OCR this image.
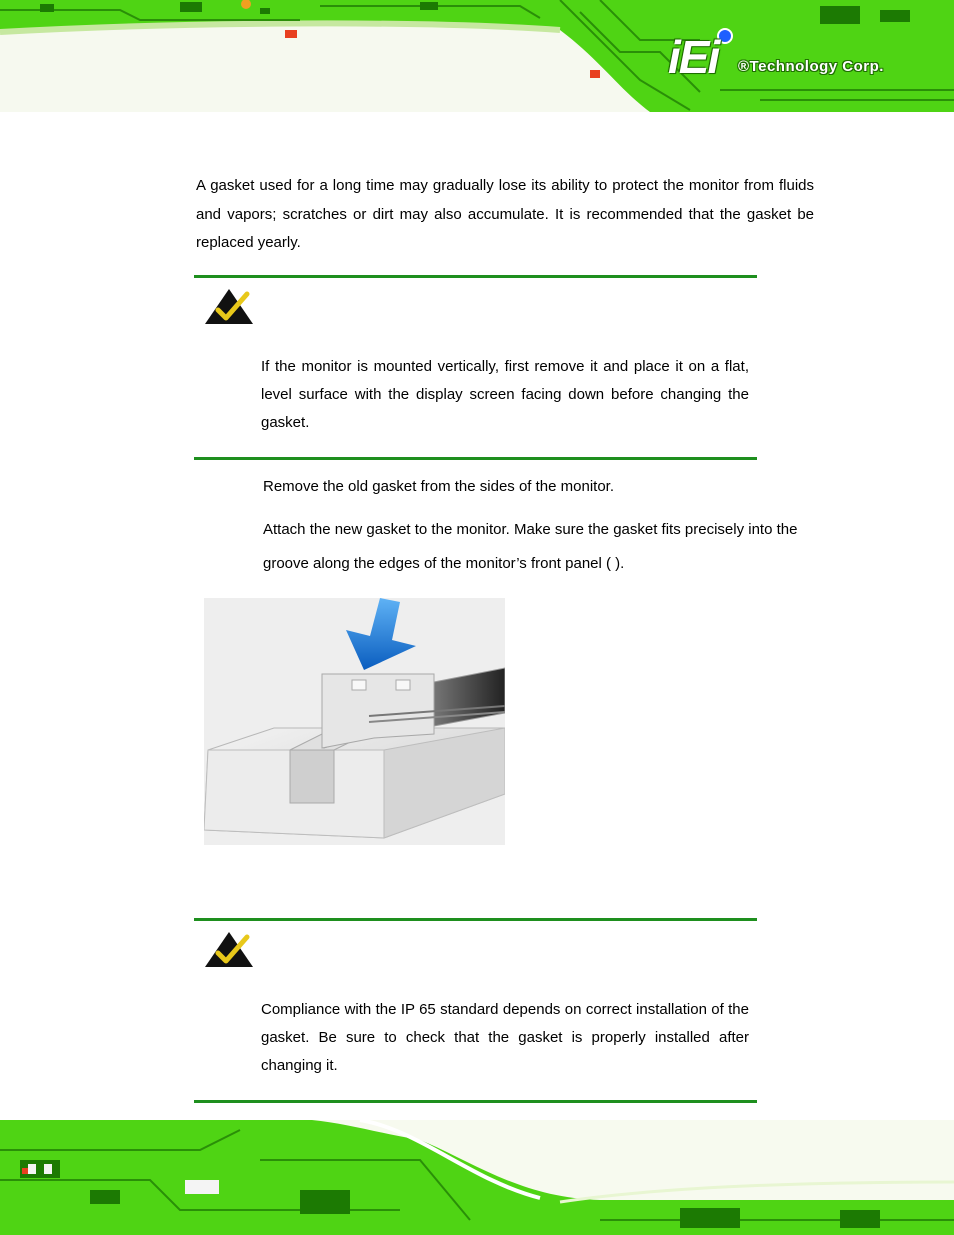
iEi ®Technology Corp.
A gasket used for a long time may gradually lose its ability to protect the monitor from fluids and vapors; scratches or dirt may also accumulate. It is recommended that the gasket be replaced yearly.
If the monitor is mounted vertically, first remove it and place it on a flat, level surface with the display screen facing down before changing the gasket.
Remove the old gasket from the sides of the monitor.
Attach the new gasket to the monitor. Make sure the gasket fits precisely into the
groove along the edges of the monitor’s front panel ( ).
Compliance with the IP 65 standard depends on correct installation of the gasket. Be sure to check that the gasket is properly installed after changing it.
